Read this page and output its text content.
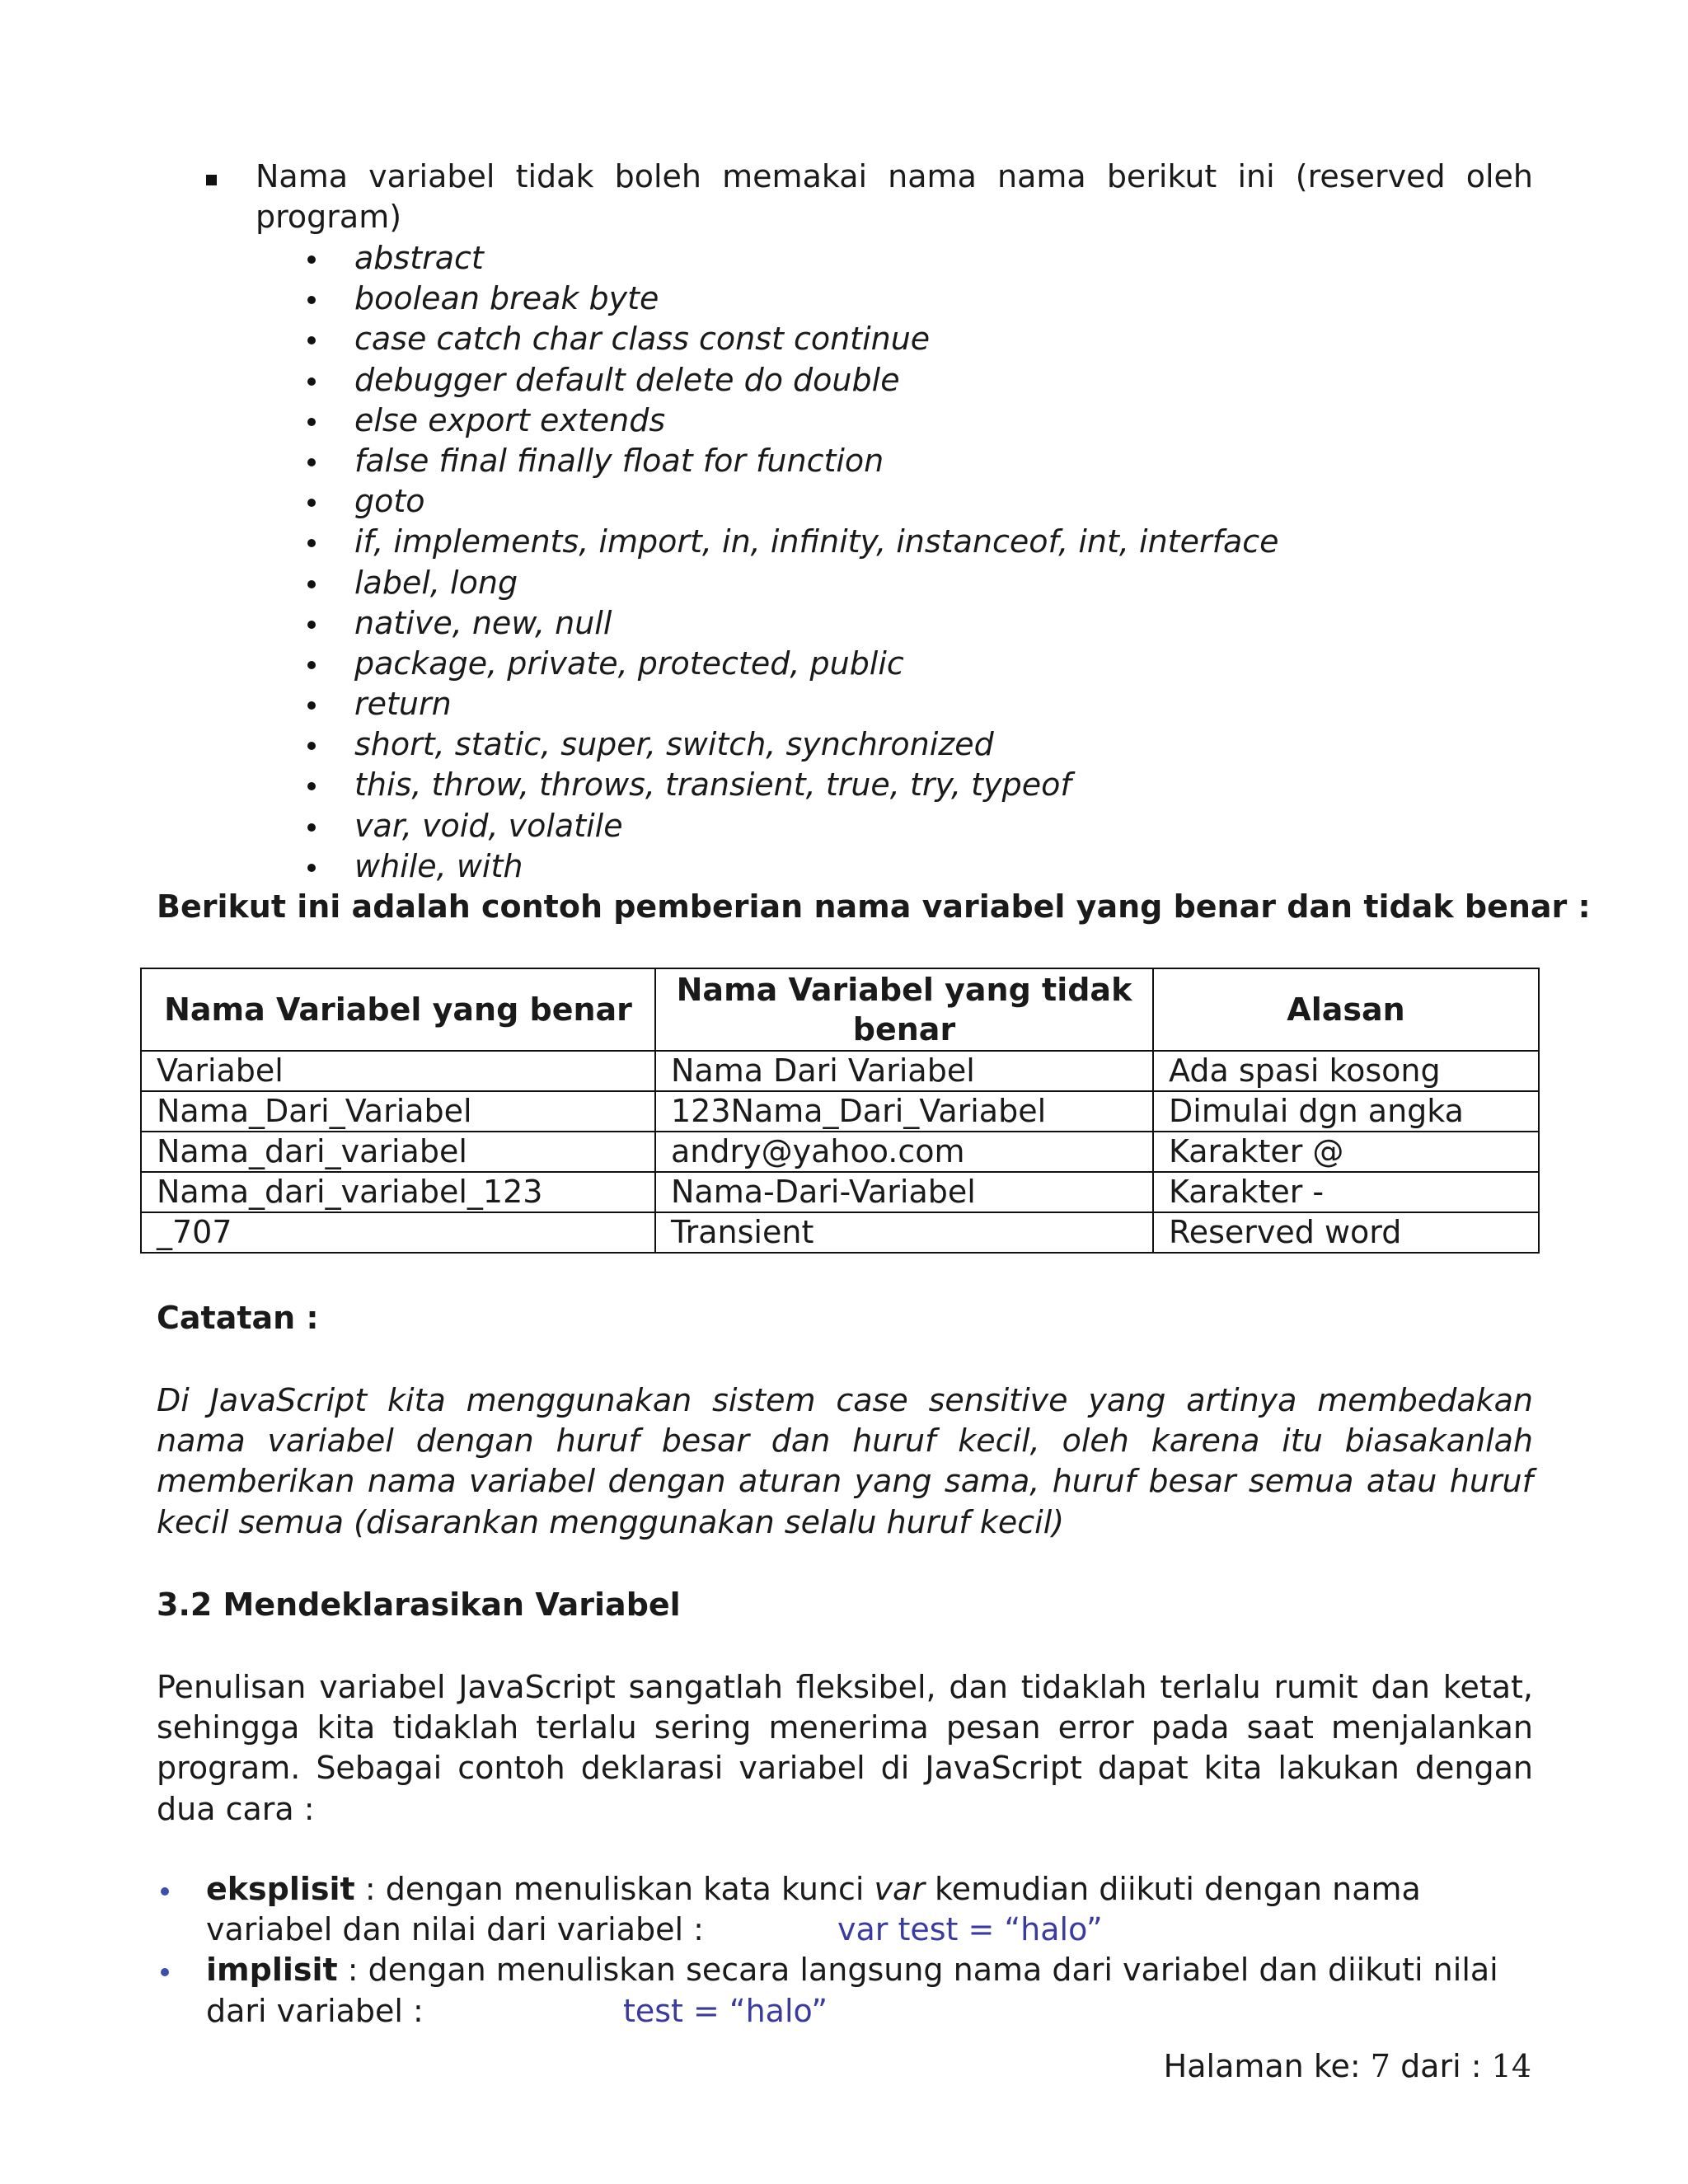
Nama variabel tidak boleh memakai nama nama berikut ini (reserved oleh program)
abstract
boolean break byte
case catch char class const continue
debugger default delete do double
else export extends
false final finally float for function
goto
if, implements, import, in, infinity, instanceof, int, interface
label, long
native, new, null
package, private, protected, public
return
short, static, super, switch, synchronized
this, throw, throws, transient, true, try, typeof
var, void, volatile
while, with
Berikut ini adalah contoh pemberian nama variabel yang benar dan tidak benar :
Nama Variabel yang benar	Nama Variabel yang tidak benar	Alasan
Variabel	Nama Dari Variabel	Ada spasi kosong
Nama_Dari_Variabel	123Nama_Dari_Variabel	Dimulai dgn angka
Nama_dari_variabel	andry@yahoo.com	Karakter @
Nama_dari_variabel_123	Nama-Dari-Variabel	Karakter -
_707	Transient	Reserved word
Catatan :
Di JavaScript kita menggunakan sistem case sensitive yang artinya membedakan nama variabel dengan huruf besar dan huruf kecil, oleh karena itu biasakanlah memberikan nama variabel dengan aturan yang sama, huruf besar semua atau huruf kecil semua (disarankan menggunakan selalu huruf kecil)
3.2 Mendeklarasikan Variabel
Penulisan variabel JavaScript sangatlah fleksibel, dan tidaklah terlalu rumit dan ketat, sehingga kita tidaklah terlalu sering menerima pesan error pada saat menjalankan program. Sebagai contoh deklarasi variabel di JavaScript dapat kita lakukan dengan dua cara :
eksplisit : dengan menuliskan kata kunci var kemudian diikuti dengan nama variabel dan nilai dari variabel :	var test = “halo”
implisit : dengan menuliskan secara langsung nama dari variabel dan diikuti nilai dari variabel :	test = “halo”
Halaman ke: 7 dari : 14
